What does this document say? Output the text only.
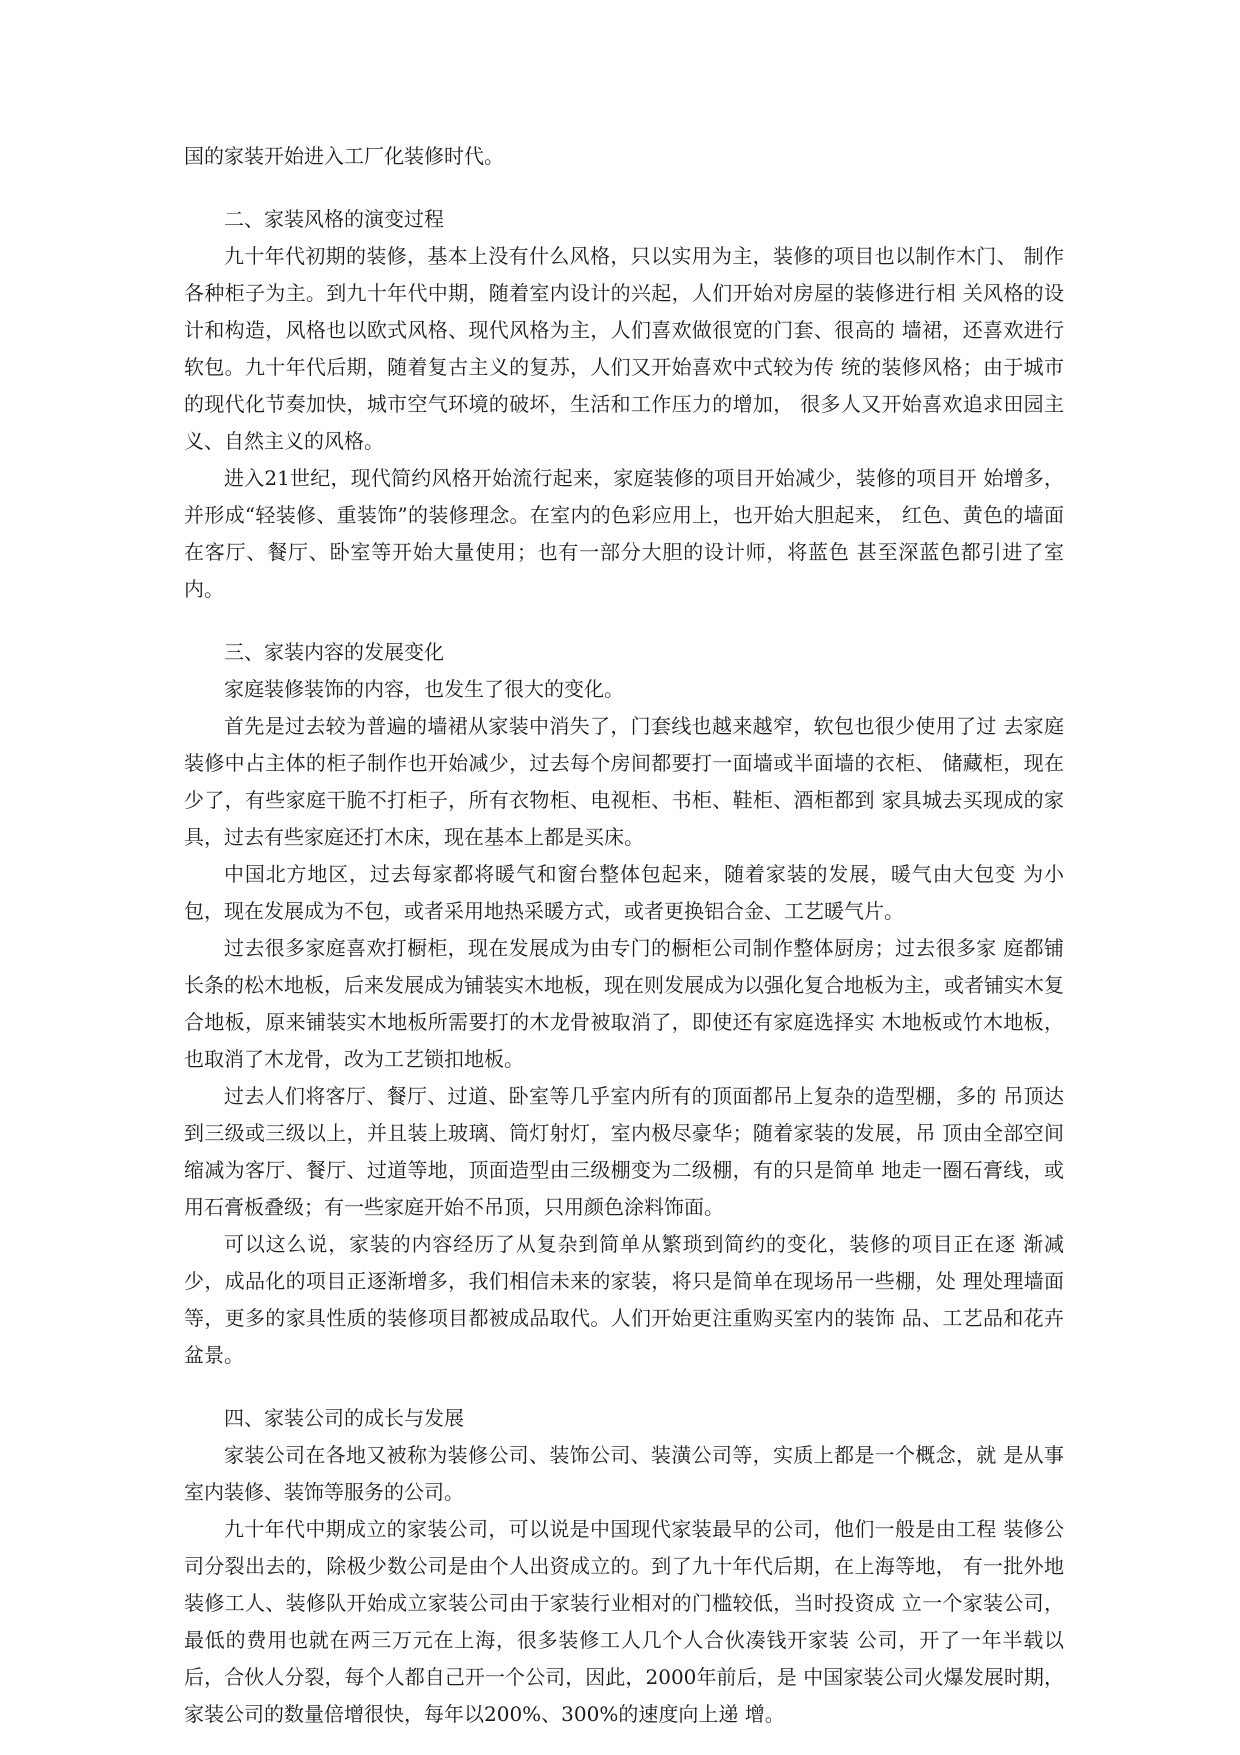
国的家装开始进入工厂化装修时代。

二、家装风格的演变过程

九十年代初期的装修，基本上没有什么风格，只以实用为主，装修的项目也以制作木门、 制作各种柜子为主。到九十年代中期，随着室内设计的兴起，人们开始对房屋的装修进行相 关风格的设计和构造，风格也以欧式风格、现代风格为主，人们喜欢做很宽的门套、很高的 墙裙，还喜欢进行软包。九十年代后期，随着复古主义的复苏，人们又开始喜欢中式较为传 统的装修风格；由于城市的现代化节奏加快，城市空气环境的破坏，生活和工作压力的增加， 很多人又开始喜欢追求田园主义、自然主义的风格。

进入21世纪，现代简约风格开始流行起来，家庭装修的项目开始减少，装修的项目开 始增多，并形成“轻装修、重装饰”的装修理念。在室内的色彩应用上，也开始大胆起来， 红色、黄色的墙面在客厅、餐厅、卧室等开始大量使用；也有一部分大胆的设计师，将蓝色 甚至深蓝色都引进了室内。

三、家装内容的发展变化

家庭装修装饰的内容，也发生了很大的变化。

首先是过去较为普遍的墙裙从家装中消失了，门套线也越来越窄，软包也很少使用了过 去家庭装修中占主体的柜子制作也开始减少，过去每个房间都要打一面墙或半面墙的衣柜、 储藏柜，现在少了，有些家庭干脆不打柜子，所有衣物柜、电视柜、书柜、鞋柜、酒柜都到 家具城去买现成的家具，过去有些家庭还打木床，现在基本上都是买床。

中国北方地区，过去每家都将暖气和窗台整体包起来，随着家装的发展，暖气由大包变 为小包，现在发展成为不包，或者采用地热采暖方式，或者更换铝合金、工艺暖气片。

过去很多家庭喜欢打橱柜，现在发展成为由专门的橱柜公司制作整体厨房；过去很多家 庭都铺长条的松木地板，后来发展成为铺装实木地板，现在则发展成为以强化复合地板为主，或者铺实木复合地板，原来铺装实木地板所需要打的木龙骨被取消了，即使还有家庭选择实 木地板或竹木地板，也取消了木龙骨，改为工艺锁扣地板。

过去人们将客厅、餐厅、过道、卧室等几乎室内所有的顶面都吊上复杂的造型棚，多的 吊顶达到三级或三级以上，并且装上玻璃、筒灯射灯，室内极尽豪华；随着家装的发展，吊 顶由全部空间缩减为客厅、餐厅、过道等地，顶面造型由三级棚变为二级棚，有的只是简单 地走一圈石膏线，或用石膏板叠级；有一些家庭开始不吊顶，只用颜色涂料饰面。

可以这么说，家装的内容经历了从复杂到简单从繁琐到简约的变化，装修的项目正在逐 渐减少，成品化的项目正逐渐增多，我们相信未来的家装，将只是简单在现场吊一些棚，处 理处理墙面等，更多的家具性质的装修项目都被成品取代。人们开始更注重购买室内的装饰 品、工艺品和花卉盆景。

四、家装公司的成长与发展

家装公司在各地又被称为装修公司、装饰公司、装潢公司等，实质上都是一个概念，就 是从事室内装修、装饰等服务的公司。

九十年代中期成立的家装公司，可以说是中国现代家装最早的公司，他们一般是由工程 装修公司分裂出去的，除极少数公司是由个人出资成立的。到了九十年代后期，在上海等地， 有一批外地装修工人、装修队开始成立家装公司由于家装行业相对的门槛较低，当时投资成 立一个家装公司，最低的费用也就在两三万元在上海，很多装修工人几个人合伙凑钱开家装 公司，开了一年半载以后，合伙人分裂，每个人都自己开一个公司，因此，2000年前后，是 中国家装公司火爆发展时期，家装公司的数量倍增很快，每年以200%、300%的速度向上递 增。
